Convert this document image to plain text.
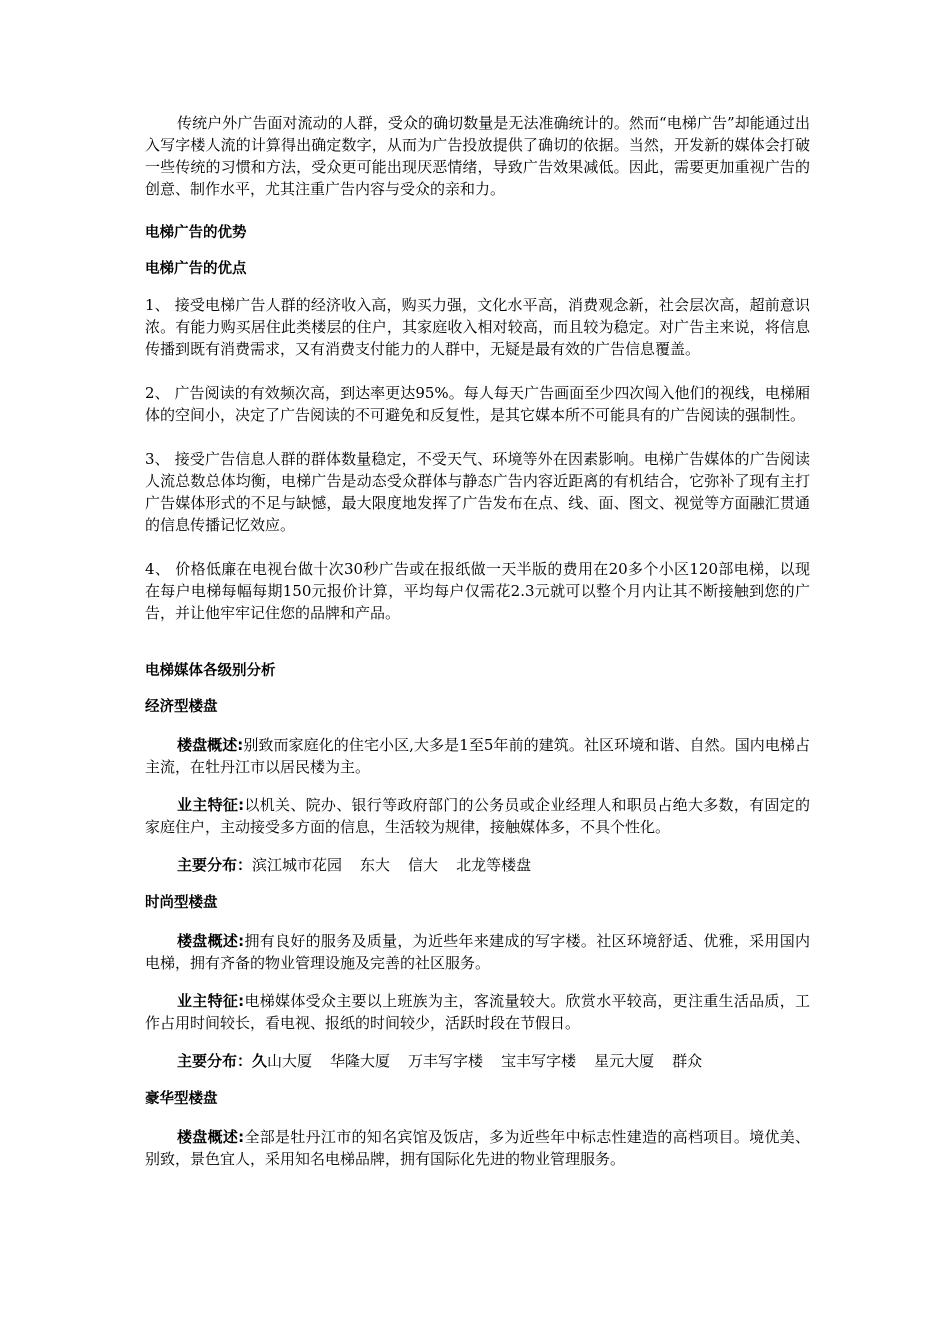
传统户外广告面对流动的人群，受众的确切数量是无法准确统计的。然而“电梯广告”却能通过出入写字楼人流的计算得出确定数字，从而为广告投放提供了确切的依据。当然，开发新的媒体会打破一些传统的习惯和方法，受众更可能出现厌恶情绪，导致广告效果减低。因此，需要更加重视广告的创意、制作水平，尤其注重广告内容与受众的亲和力。

电梯广告的优势
电梯广告的优点

1、 接受电梯广告人群的经济收入高，购买力强，文化水平高，消费观念新，社会层次高，超前意识浓。有能力购买居住此类楼层的住户，其家庭收入相对较高，而且较为稳定。对广告主来说，将信息传播到既有消费需求，又有消费支付能力的人群中，无疑是最有效的广告信息覆盖。

2、 广告阅读的有效频次高，到达率更达95%。每人每天广告画面至少四次闯入他们的视线，电梯厢体的空间小，决定了广告阅读的不可避免和反复性，是其它媒本所不可能具有的广告阅读的强制性。

3、 接受广告信息人群的群体数量稳定，不受天气、环境等外在因素影响。电梯广告媒体的广告阅读人流总数总体均衡，电梯广告是动态受众群体与静态广告内容近距离的有机结合，它弥补了现有主打广告媒体形式的不足与缺憾，最大限度地发挥了广告发布在点、线、面、图文、视觉等方面融汇贯通的信息传播记忆效应。

4、 价格低廉在电视台做十次30秒广告或在报纸做一天半版的费用在20多个小区120部电梯，以现在每户电梯每幅每期150元报价计算，平均每户仅需花2.3元就可以整个月内让其不断接触到您的广告，并让他牢牢记住您的品牌和产品。

电梯媒体各级别分析
经济型楼盘

楼盘概述:别致而家庭化的住宅小区,大多是1至5年前的建筑。社区环境和谐、自然。国内电梯占主流，在牡丹江市以居民楼为主。

业主特征:以机关、院办、银行等政府部门的公务员或企业经理人和职员占绝大多数，有固定的家庭住户，主动接受多方面的信息，生活较为规律，接触媒体多，不具个性化。

主要分布：滨江城市花园 东大 信大 北龙等楼盘

时尚型楼盘

楼盘概述:拥有良好的服务及质量，为近些年来建成的写字楼。社区环境舒适、优雅，采用国内电梯，拥有齐备的物业管理设施及完善的社区服务。

业主特征:电梯媒体受众主要以上班族为主，客流量较大。欣赏水平较高，更注重生活品质，工作占用时间较长，看电视、报纸的时间较少，活跃时段在节假日。

主要分布：久山大厦 华隆大厦 万丰写字楼 宝丰写字楼 星元大厦 群众

豪华型楼盘

楼盘概述:全部是牡丹江市的知名宾馆及饭店，多为近些年中标志性建造的高档项目。境优美、别致，景色宜人，采用知名电梯品牌，拥有国际化先进的物业管理服务。
